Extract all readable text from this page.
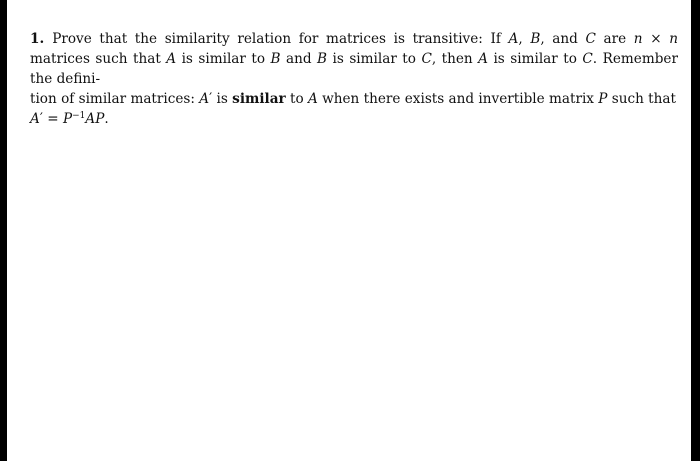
1. Prove that the similarity relation for matrices is transitive: If A, B, and C are n × n matrices such that A is similar to B and B is similar to C, then A is similar to C. Remember the defini-
tion of similar matrices: A′ is similar to A when there exists and invertible matrix P such that
$A' = P^{-1}AP$.
